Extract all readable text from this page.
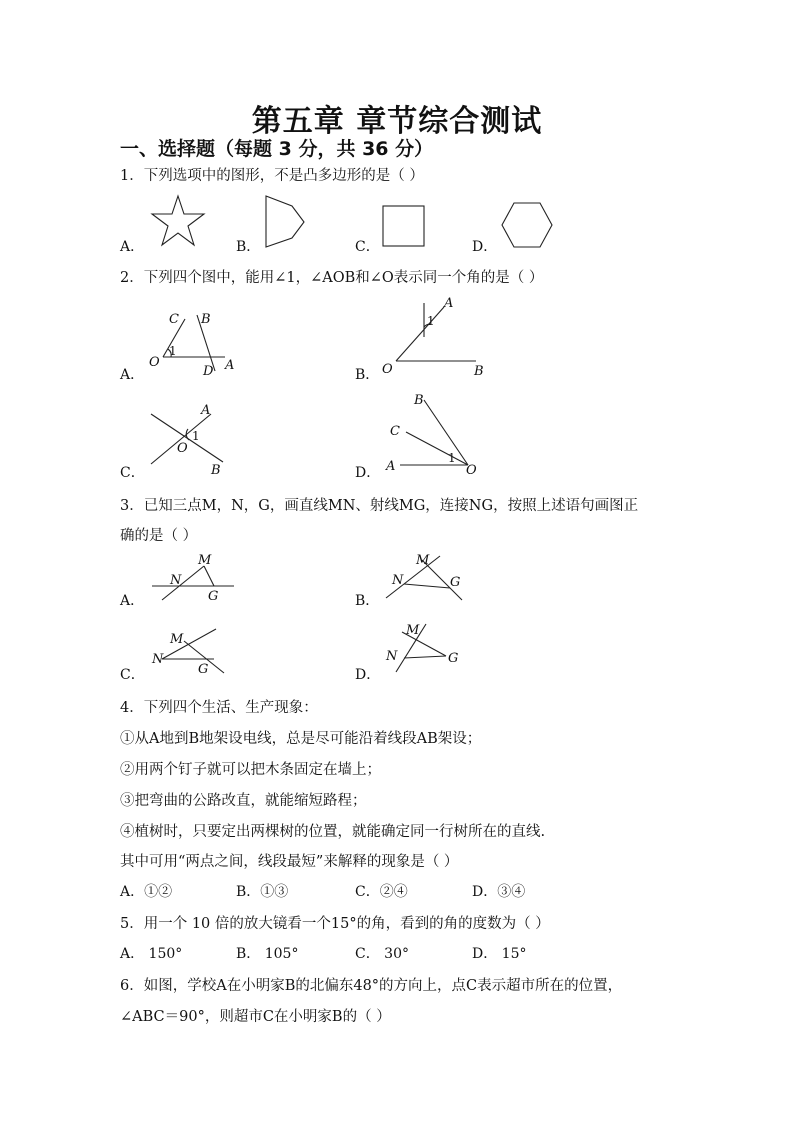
第五章 章节综合测试
一、选择题（每题 3 分，共 36 分）
1．下列选项中的图形，不是凸多边形的是（ ）
A．	B．	C．	D．
2．下列四个图中，能用∠1，∠AOB和∠O表示同一个角的是（ ）
A．	B．
C．	D．
C B
O
1
D A
A
1
O	B
A
1
O
B
B
C
A
1
O
3．已知三点M，N，G，画直线MN、射线MG，连接NG，按照上述语句画图正
确的是（ ）
A．	B．
C．	D．
M
N
G
M
N	G
M
N
G
M
N	G
4．下列四个生活、生产现象：
①从A地到B地架设电线，总是尽可能沿着线段AB架设；
②用两个钉子就可以把木条固定在墙上；
③把弯曲的公路改直，就能缩短路程；
④植树时，只要定出两棵树的位置，就能确定同一行树所在的直线.
其中可用“两点之间，线段最短”来解释的现象是（ ）
A．①②	B．①③	C．②④	D．③④
5．用一个 10 倍的放大镜看一个15°的角，看到的角的度数为（ ）
A． 150°	B． 105°	C． 30°	D． 15°
6．如图，学校A在小明家B的北偏东48°的方向上，点C表示超市所在的位置，
∠ABC＝90°，则超市C在小明家B的（ ）
